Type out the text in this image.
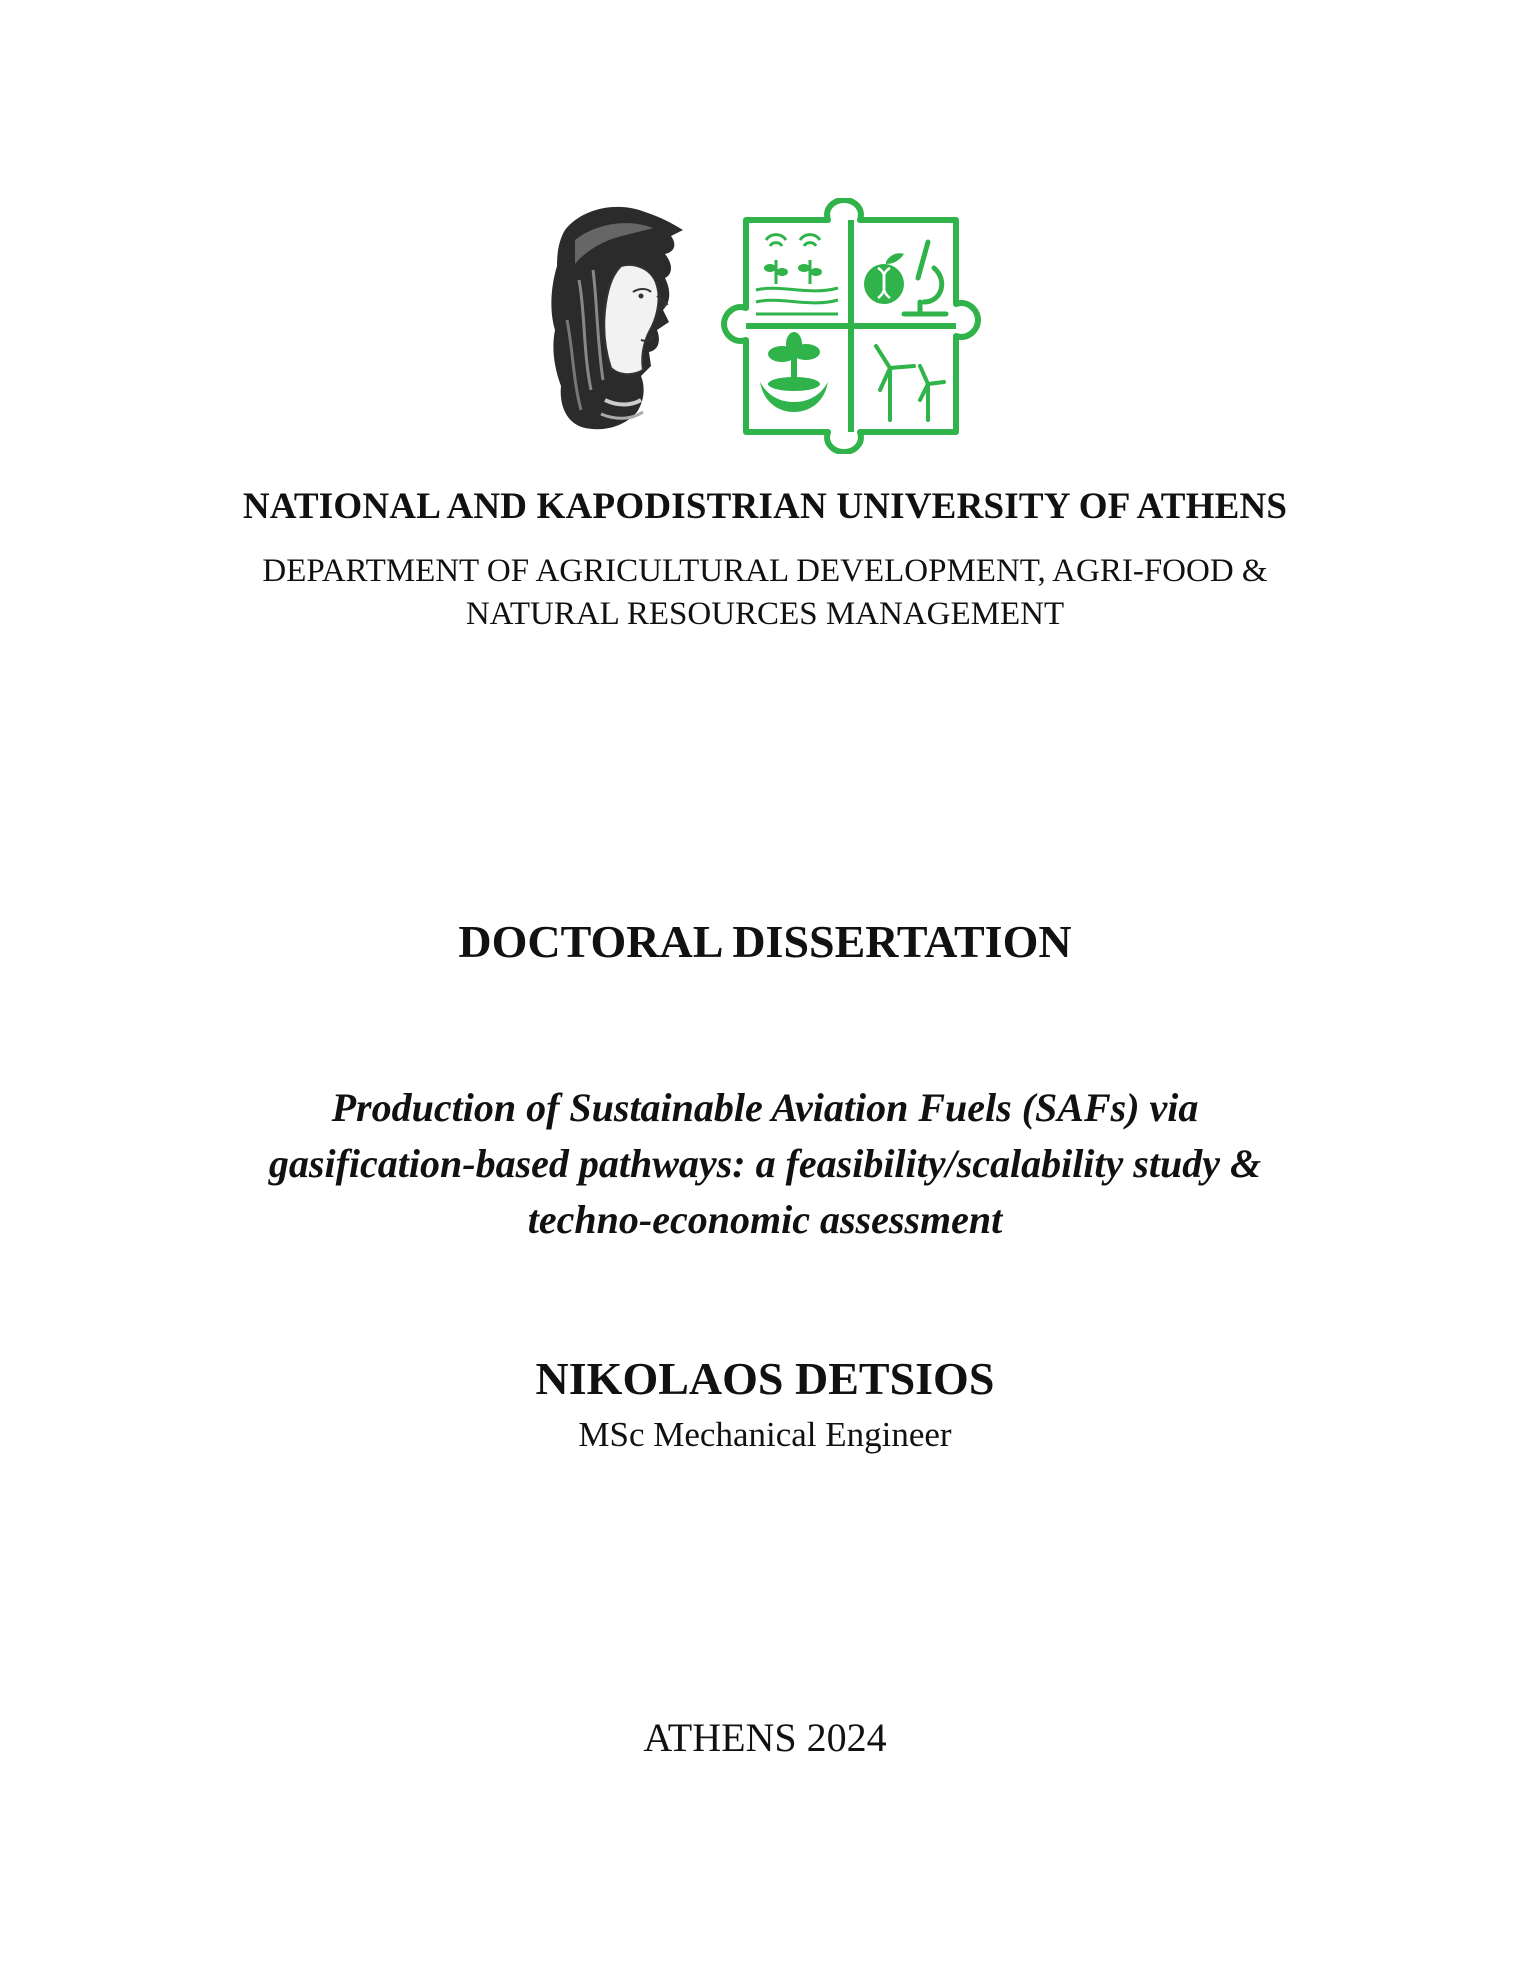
NATIONAL AND KAPODISTRIAN UNIVERSITY OF ATHENS

DEPARTMENT OF AGRICULTURAL DEVELOPMENT, AGRI-FOOD &

NATURAL RESOURCES MANAGEMENT

DOCTORAL DISSERTATION

Production of Sustainable Aviation Fuels (SAFs) via

gasification-based pathways: a feasibility/scalability study &

techno-economic assessment

NIKOLAOS DETSIOS

MSc Mechanical Engineer

ATHENS 2024
